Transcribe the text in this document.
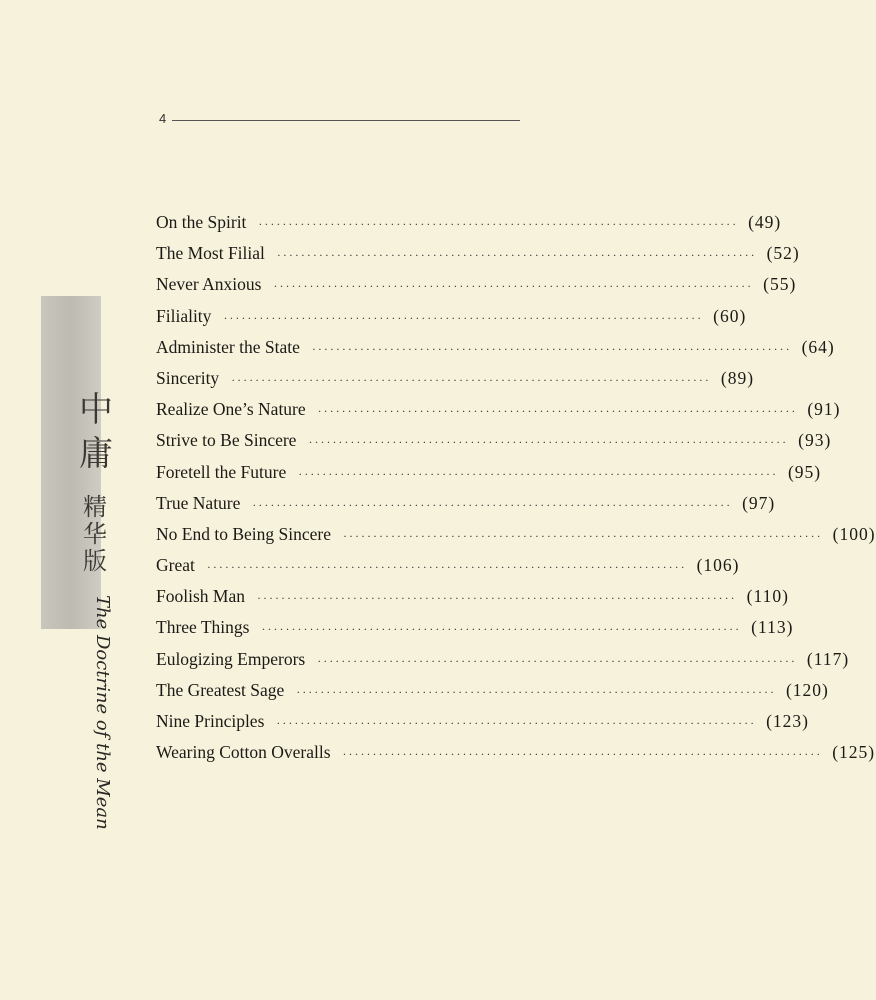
4
中庸
精华版
The Doctrine of the Mean
On the Spirit ················································································ (49)
The Most Filial ················································································ (52)
Never Anxious ················································································ (55)
Filiality ················································································ (60)
Administer the State ················································································ (64)
Sincerity ················································································ (89)
Realize One’s Nature ················································································ (91)
Strive to Be Sincere ················································································ (93)
Foretell the Future ················································································ (95)
True Nature ················································································ (97)
No End to Being Sincere ················································································ (100)
Great ················································································ (106)
Foolish Man ················································································ (110)
Three Things ················································································ (113)
Eulogizing Emperors ················································································ (117)
The Greatest Sage ················································································ (120)
Nine Principles ················································································ (123)
Wearing Cotton Overalls ················································································ (125)
